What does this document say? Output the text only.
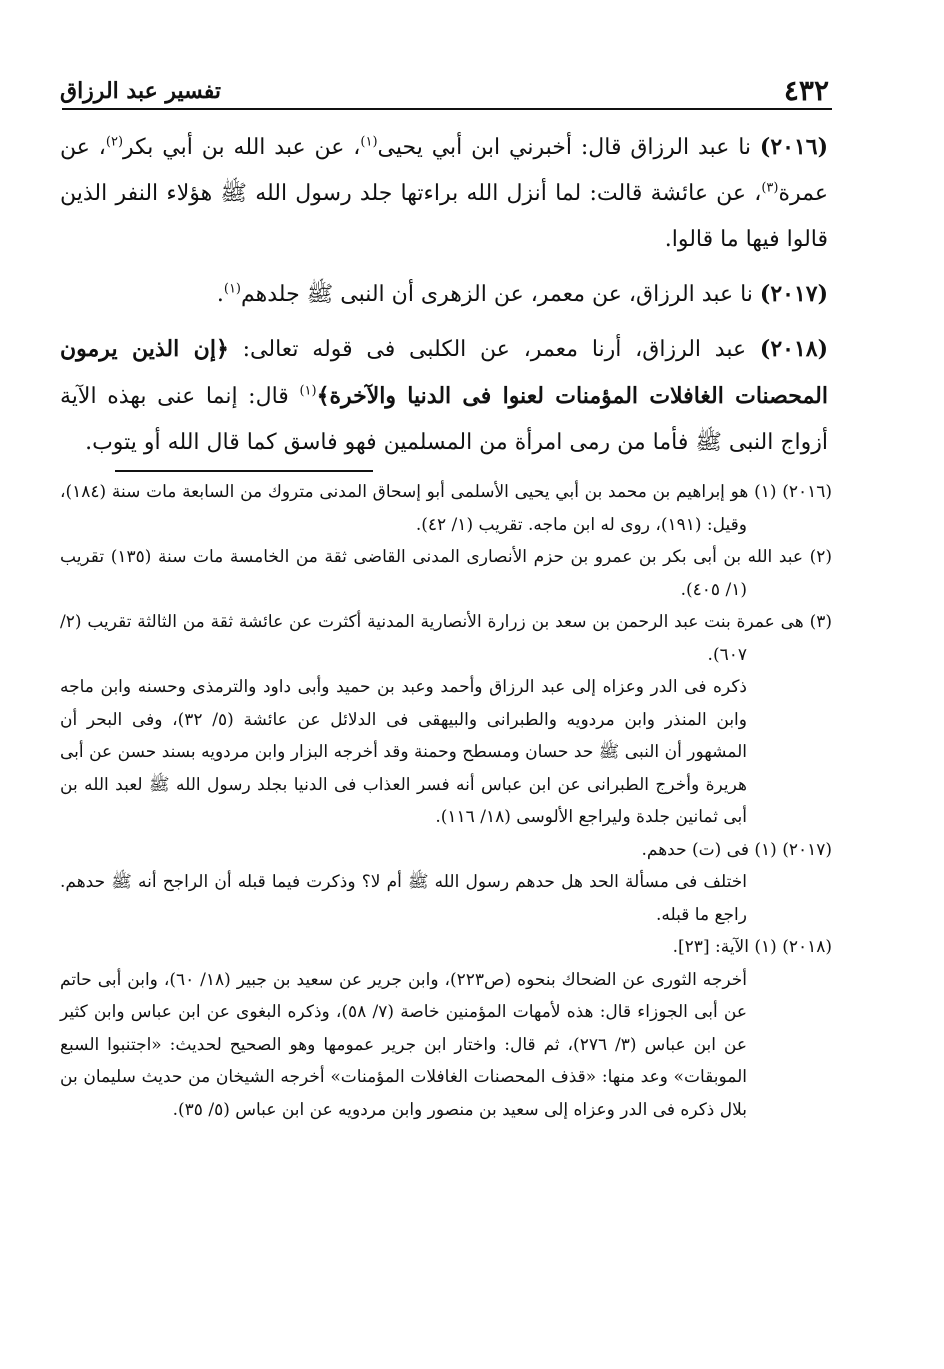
٤٣٢
تفسير عبد الرزاق

(٢٠١٦) نا عبد الرزاق قال: أخبرني ابن أبي يحيى$^{(١)}$، عن عبد الله بن أبي بكر$^{(٢)}$، عن عمرة$^{(٣)}$، عن عائشة قالت: لما أنزل الله براءتها جلد رسول الله ﷺ هؤلاء النفر الذين قالوا فيها ما قالوا.

(٢٠١٧) نا عبد الرزاق، عن معمر، عن الزهرى أن النبى ﷺ جلدهم$^{(١)}$.

(٢٠١٨) عبد الرزاق، أرنا معمر، عن الكلبى فى قوله تعالى: ﴿إن الذين يرمون المحصنات الغافلات المؤمنات لعنوا فى الدنيا والآخرة﴾$^{(١)}$ قال: إنما عنى بهذه الآية أزواج النبى ﷺ فأما من رمى امرأة من المسلمين فهو فاسق كما قال الله أو يتوب.

(٢٠١٦) (١) هو إبراهيم بن محمد بن أبي يحيى الأسلمى أبو إسحاق المدنى متروك من السابعة مات سنة (١٨٤)، وقيل: (١٩١)، روى له ابن ماجه. تقريب (١/ ٤٢).

(٢) عبد الله بن أبى بكر بن عمرو بن حزم الأنصارى المدنى القاضى ثقة من الخامسة مات سنة (١٣٥) تقريب (١/ ٤٠٥).

(٣) هى عمرة بنت عبد الرحمن بن سعد بن زرارة الأنصارية المدنية أكثرت عن عائشة ثقة من الثالثة تقريب (٢/ ٦٠٧).

ذكره فى الدر وعزاه إلى عبد الرزاق وأحمد وعبد بن حميد وأبى داود والترمذى وحسنه وابن ماجه وابن المنذر وابن مردويه والطبرانى والبيهقى فى الدلائل عن عائشة (٥/ ٣٢)، وفى البحر أن المشهور أن النبى ﷺ حد حسان ومسطح وحمنة وقد أخرجه البزار وابن مردويه بسند حسن عن أبى هريرة وأخرج الطبرانى عن ابن عباس أنه فسر العذاب فى الدنيا بجلد رسول الله ﷺ لعبد الله بن أبى ثمانين جلدة وليراجع الألوسى (١٨/ ١١٦).

(٢٠١٧) (١) فى (ت) حدهم.

اختلف فى مسألة الحد هل حدهم رسول الله ﷺ أم لا؟ وذكرت فيما قبله أن الراجح أنه ﷺ حدهم. راجع ما قبله.

(٢٠١٨) (١) الآية: [٢٣].

أخرجه الثورى عن الضحاك بنحوه (ص٢٢٣)، وابن جرير عن سعيد بن جبير (١٨/ ٦٠)، وابن أبى حاتم عن أبى الجوزاء قال: هذه لأمهات المؤمنين خاصة (٧/ ٥٨)، وذكره البغوى عن ابن عباس وابن كثير عن ابن عباس (٣/ ٢٧٦)، ثم قال: واختار ابن جرير عمومها وهو الصحيح لحديث: «اجتنبوا السبع الموبقات» وعد منها: «قذف المحصنات الغافلات المؤمنات» أخرجه الشيخان من حديث سليمان بن بلال ذكره فى الدر وعزاه إلى سعيد بن منصور وابن مردويه عن ابن عباس (٥/ ٣٥).
